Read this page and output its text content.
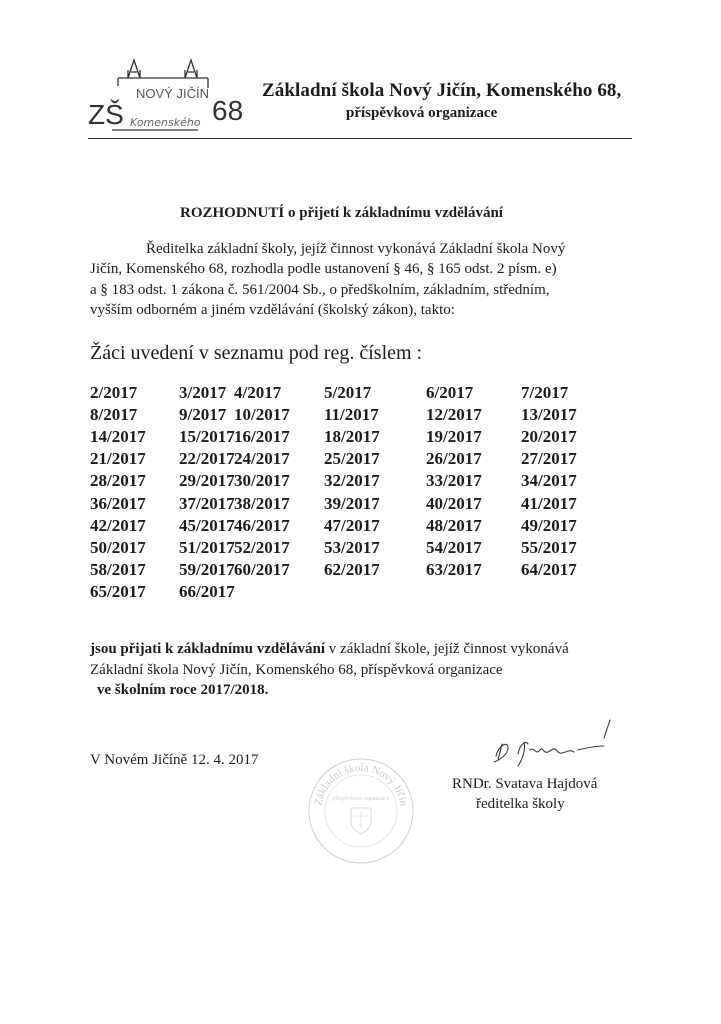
ZŠ
NOVÝ JIČÍN
Komenského 68
Základní škola Nový Jičín, Komenského 68,
příspěvková organizace
ROZHODNUTÍ o přijetí k základnímu vzdělávání
Ředitelka základní školy, jejíž činnost vykonává Základní škola Nový
Jičín, Komenského 68, rozhodla podle ustanovení § 46, § 165 odst. 2 písm. e)
a § 183 odst. 1 zákona č. 561/2004 Sb., o předškolním, základním, středním,
vyšším odborném a jiném vzdělávání (školský zákon), takto:
Žáci uvedení v seznamu pod reg. číslem :
2/2017 3/2017 4/2017	5/2017	6/2017	7/2017
8/2017 9/2017 10/2017 11/2017	12/2017 13/2017
14/2017 15/2017 16/2017 18/2017	19/2017 20/2017
21/2017 22/2017 24/2017 25/2017	26/2017 27/2017
28/2017 29/2017 30/2017 32/2017	33/2017 34/2017
36/2017 37/2017 38/2017 39/2017	40/2017 41/2017
42/2017 45/2017 46/2017 47/2017	48/2017 49/2017
50/2017 51/2017 52/2017 53/2017	54/2017 55/2017
58/2017 59/2017 60/2017 62/2017	63/2017 64/2017
65/2017 66/2017
jsou přijati k základnímu vzdělávání v základní škole, jejíž činnost vykonává
Základní škola Nový Jičín, Komenského 68, příspěvková organizace
ve školním roce 2017/2018.
V Novém Jičíně 12. 4. 2017
RNDr. Svatava Hajdová
ředitelka školy
Základní škola Nový Jičín
příspěvková organizace
